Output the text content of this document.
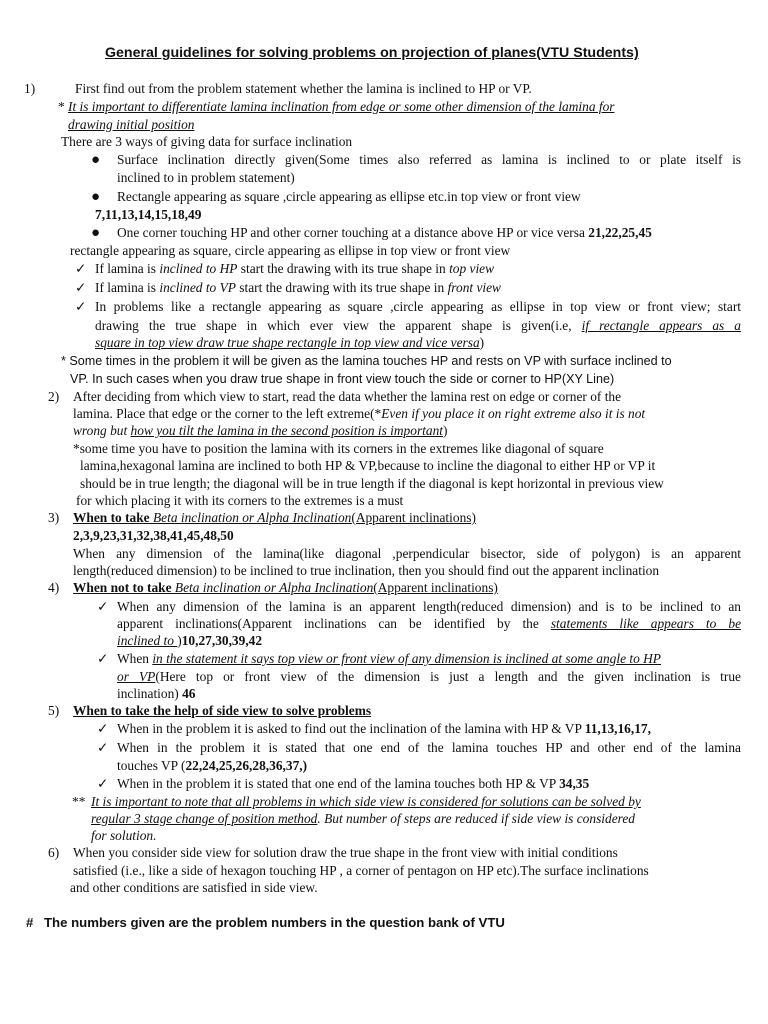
General guidelines for solving problems on projection of planes(VTU Students)
1)	First find out from the problem statement whether the lamina is inclined to HP or VP.
* It is important to differentiate lamina inclination from edge or some other dimension of the lamina for
drawing initial position
There are 3 ways of giving data for surface inclination
● Surface inclination directly given(Some times also referred as lamina is inclined to or plate itself is
inclined to in problem statement)
● Rectangle appearing as square ,circle appearing as ellipse etc.in top view or front view
7,11,13,14,15,18,49
● One corner touching HP and other corner touching at a distance above HP or vice versa 21,22,25,45
rectangle appearing as square, circle appearing as ellipse in top view or front view
✓ If lamina is inclined to HP start the drawing with its true shape in top view
✓ If lamina is inclined to VP start the drawing with its true shape in front view
✓ In problems like a rectangle appearing as square ,circle appearing as ellipse in top view or front view; start
drawing the true shape in which ever view the apparent shape is given(i.e, if rectangle appears as a
square in top view draw true shape rectangle in top view and vice versa)
* Some times in the problem it will be given as the lamina touches HP and rests on VP with surface inclined to
VP. In such cases when you draw true shape in front view touch the side or corner to HP(XY Line)
2) After deciding from which view to start, read the data whether the lamina rest on edge or corner of the
lamina. Place that edge or the corner to the left extreme(*Even if you place it on right extreme also it is not
wrong but how you tilt the lamina in the second position is important)
*some time you have to position the lamina with its corners in the extremes like diagonal of square
lamina,hexagonal lamina are inclined to both HP & VP,because to incline the diagonal to either HP or VP it
should be in true length; the diagonal will be in true length if the diagonal is kept horizontal in previous view
for which placing it with its corners to the extremes is a must
3) When to take Beta inclination or Alpha Inclination(Apparent inclinations)
2,3,9,23,31,32,38,41,45,48,50
When any dimension of the lamina(like diagonal ,perpendicular bisector, side of polygon) is an apparent
length(reduced dimension) to be inclined to true inclination, then you should find out the apparent inclination
4) When not to take Beta inclination or Alpha Inclination(Apparent inclinations)
✓ When any dimension of the lamina is an apparent length(reduced dimension) and is to be inclined to an
apparent inclinations(Apparent inclinations can be identified by the statements like appears to be
inclined to )10,27,30,39,42
✓ When in the statement it says top view or front view of any dimension is inclined at some angle to HP
or VP(Here top or front view of the dimension is just a length and the given inclination is true
inclination) 46
5) When to take the help of side view to solve problems
✓ When in the problem it is asked to find out the inclination of the lamina with HP & VP 11,13,16,17,
✓ When in the problem it is stated that one end of the lamina touches HP and other end of the lamina
touches VP (22,24,25,26,28,36,37,)
✓ When in the problem it is stated that one end of the lamina touches both HP & VP 34,35
** It is important to note that all problems in which side view is considered for solutions can be solved by
regular 3 stage change of position method. But number of steps are reduced if side view is considered
for solution.
6) When you consider side view for solution draw the true shape in the front view with initial conditions
satisfied (i.e., like a side of hexagon touching HP , a corner of pentagon on HP etc).The surface inclinations
and other conditions are satisfied in side view.
# The numbers given are the problem numbers in the question bank of VTU
